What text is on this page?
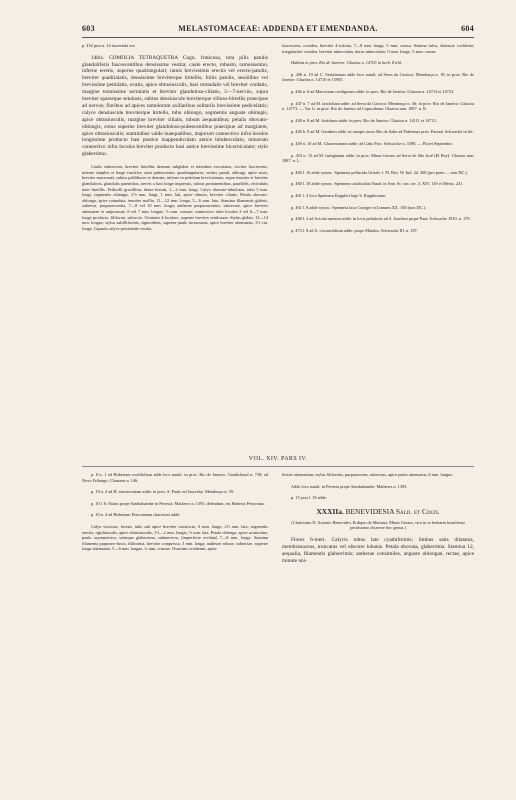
603	MELASTOMACEAE: ADDENDA ET EMENDANDA.	604

p. 432 post n. 14 inserenda est:

14bis. COMOLIA TETRAQUETRA Cogn. fruticosa, tota pilis patulis glanduliferis fuscescentibus densissime vestita; caule erecto, robusto, ramosissimo, inferne teretis, superne quadrangulari; ramis brevissimis erectis vel erecto-patulis, breviter quadrialatis, densissime breviterque hirtellis; foliis patulis, sessilibus vel brevissime petiolatis, ovatis, apice obtusiusculis, basi rotundatis vel breviter cordatis, margine tenuissime serrulatis et breviter glanduloso-ciliatis, 5—7-nerviis, supra breviter sparseque setulosis, subtus densiuscule breviterque villoso-hirtellis praecipue ad nervos; floribus ad apices ramulorum axillaribus solitariis brevissime pedicellatis; calyce densiuscule breviterque hirtello, tubo oblongo, segmentis anguste oblongis, apice obtusiusculis, margine breviter ciliatis, tubum aequantibus; petalis obovato-oblongis, extus superne breviter glanduloso-pubescentibus praecipue ad marginem, apice obtusiusculis; staminibus valde inaequalibus, majorum connectivo infra loculos longissime producto basi postice inappendiculato antice bituberculato, minorum connectivo infra loculos breviter producto basi antice brevissime bicorniculato; stylo glaberrimo.

Caulis suberectus, breviter hirtellus densum subglaber et interdum excoriatus, circiter fuscescens, inferne simplex et longe fructifer; rami pubescentes, quadrangulares, vestiti, patuli, oblongi, apice acuti, breviter mucronati, subtus pallidiores et densius, inferne in petiolum brevissimum, supra tenuiter et breviter glandulosis, glandulis patentibus, nervis a basi longe impressis, subtus prominentibus, parallelis, reticulatis inter hirtellis. Pedicelli gracillimi, dense hirsuti, 1—2 mm. longi. Calyx obovato-tubulosus, tubo 5 mm. longi, segmentis oblongis, 2½ mm. longi, 1 mm. lati, apice obtusis, breviter ciliatis. Petala obovato-oblonga, apice rotundata, tenuiter mollia, 11—12 mm. longa, 5—6 mm. lata. Stamina filamentis glabris, subrecta, purpurascentia, 7—8 vel 10 mm. longa; antherae purpurascentes, subrectae, apice breviter attenuatae et uniporosae, 6 vel 7 mm. longae, ½ mm. crassae; connectivo infra loculos 3 vel 6—7 mm. longe producto, filiformi, subrecto. Ovarium 4-loculare, superne breviter setulosum. Stylus glaber, 13—14 mm. longus; stylus subfiliformis, sigmoideus, superne paulo incrassatus, apice breviter attenuatus, 1½ cm. longa. Capsula calyce persistente vestita,

fuscescens, ovoidea, breviter 4-sulcata, 7—8 mm. longa, 5 mm. crassa. Semina fulva, distincte cochleata, irregulariter ovoidea, breviter tuberculata, dorso tuberculata, ½ mm. longa, ⅓ mm. crassa.

Habitat in prov. Rio de Janeiro: Glaziou n. 14703 in herb. Eichl.

p. 436 n. 19 ad C. Sertularium adde loco natali: ad Serra da Carioca: Mendonça n. 18; in prov. Rio de Janeiro: Glaziou n. 14710 et 15905.

p. 446 n. 6 ad Marcetiam cordigeram adde: in prov. Rio de Janeiro: Glaziou n. 14714 et 14723.

p. 447 n. 7 ad M. taxifoliam adde: ad Serra da Carioca: Mendonça n. 36; in prov. Rio de Janeiro: Glaziou n. 14773. — Var. b. in prov. Rio de Janeiro ad Copacabana: Glaziou ann. 1887. n. K.

p. 448 n. 8 ad M. fistichum adde: in prov. Rio de Janeiro: Glaziou n. 14111 et 14712.

p. 449 b. 9 ad M. Gardneri adde: in campis secus Rio da Salta ad Paberinas prov. Paraná: Schwacke in litt.

p. 449 n. 10 ad M. Glaziovianam adde: ad Cabo Frio: Schwacke n. 3398. — Floret Septembri.

p. 453 n. 15 ad M. fastigiatam adde: in prov. Minas Geraes ad Serra de São José (El Rey): Glaziou ann. 1887. n. L.

p. 460 l. 16 adde synon.: Spennera pellucida Griseb. f. Fl. Brit. W. Ind. 2d. 268 (pro parte — non DC.).

p. 460 l. 18 adde synon.: Spennera caudicalata Naud. in Ann. Sc. nat. ser. 3. XIV. 149 et Meisn. 241.

p. 461 l. 4 loco Spennera Kappleri lege S. Kappleriana.

p. 461 l. 8 adde synon.: Spennera laxa Crueger in Linnaea XX. 100 (non DC.).

p. 468 l. 2 ad Aciotia aneuera adde: in locis paludosis ad S. Joachim prope Para: Schwacke 1810. n. 179.

p. 473 l. 8 ad A. circumfolium adde: prope Manáos: Schwacke III. n. 187.

VOL. XIV. PARS IV.

p. 8 n. 1 ad Huberiam ovalifoliam adde loco natali: in prov. Rio de Janeiro: Gaudichaud n. 738; ad Novo Friburgo: Claussen n. 146.

p. 19 n. 2 ad H. semiserratam adde: in prov. S. Paulo ad Jaucreby: Mendonça n. 39.

p. 10 l. 6: Etiam prope Sambahambe in Peruvia: Mathews n. 1393. delendum; est Huberia Peruviana.

p. 10 n. 4 ad Huberiam Peruvianam characteri adde:

Calyx viscosus, favens, tubo sub apice breviter constricto, 6 mm. longo, 2½ mm. lato; segmentis erectis, rigidiusculis, apice obtusiusculis, 1½—2 mm. longis, ½ mm. lata. Petala oblonga, apice acutissima, paulo asymmetrica, utrinque glaberrima, submersiva, (imperfecte evoluta) 7—8 mm. longa. Stamina filamenta purpureo-fusca, filiformia, breviter compressa, 3 mm. longa; antherae rubrae, subrectae, superne longe attenuatae, 5—6 mm. longae, ¼ mm. crassae. Ovarium ovoideum, apice

leviter attenuatum; stylus filiformis, purpurascens, subrectus, apice paulo attenuatus, 6 mm. longus.

Adde loco natali: in Peruvia prope Sambahambe: Mathews n. 1393.

p. 15 post l. 18 adde:

XXXIIa. BENEVIDESIA Sald. et Cogn.

(Clarissimo D. Antonio Benevides, Erdiquo de Mariana, Minas Geraes, viro in re herbaria brasiliensi peritissimo dicavere hoc genus.)

Flores 6-meri. Calycis tubus late cyathiformis; limbus satis dilatatus, membranaceus, truncatus vel obscure lobatus. Petala obovata, glaberrima. Stamina 12, aequalia, filamentis glaberrimis; antherae consimiles, anguste oblongae, rectae, apice minute uni-
